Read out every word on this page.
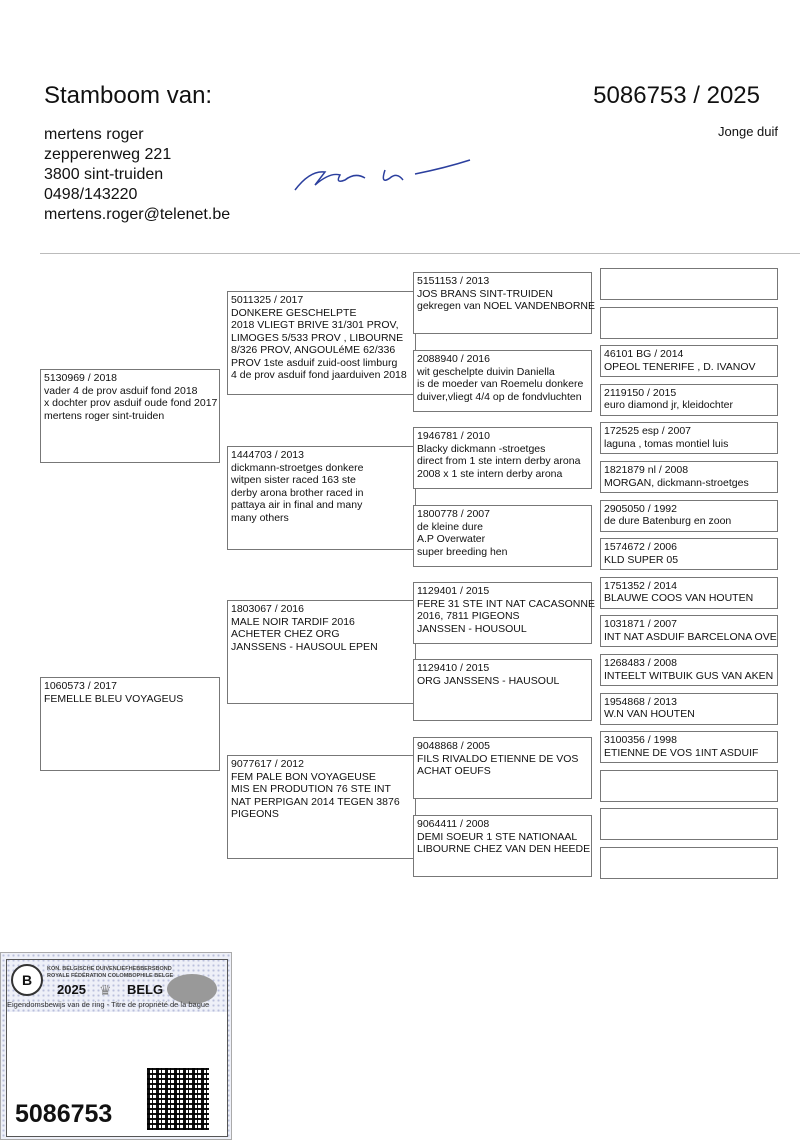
Stamboom van:	5086753 / 2025
Jonge duif
mertens roger
zepperenweg 221
3800 sint-truiden
0498/143220
mertens.roger@telenet.be
5130969 / 2018
vader 4 de prov asduif fond 2018
x dochter prov asduif oude fond 2017
mertens roger sint-truiden
1060573 / 2017
FEMELLE BLEU VOYAGEUS
5011325 / 2017
DONKERE GESCHELPTE
2018 VLIEGT BRIVE 31/301 PROV,
LIMOGES 5/533 PROV , LIBOURNE
8/326 PROV, ANGOULéME 62/336
PROV 1ste asduif zuid-oost limburg
4 de prov asduif fond jaarduiven 2018
1444703 / 2013
dickmann-stroetges donkere
witpen sister raced 163 ste
derby arona brother raced in
pattaya air in final and many
many others
1803067 / 2016
MALE NOIR TARDIF 2016
ACHETER CHEZ ORG
JANSSENS - HAUSOUL EPEN
9077617 / 2012
FEM PALE BON VOYAGEUSE
MIS EN PRODUTION 76 STE INT
NAT PERPIGAN 2014 TEGEN 3876
PIGEONS
5151153 / 2013
JOS BRANS SINT-TRUIDEN
gekregen van NOEL VANDENBORNE
2088940 / 2016
wit geschelpte duivin Daniella
is de moeder van Roemelu donkere
duiver,vliegt 4/4 op de fondvluchten
1946781 / 2010
Blacky dickmann -stroetges
direct from 1 ste intern derby arona
2008 x 1 ste intern derby arona
1800778 / 2007
de kleine dure
A.P Overwater
super breeding hen
1129401 / 2015
FERE 31 STE INT NAT CACASONNE
2016, 7811 PIGEONS
JANSSEN - HOUSOUL
1129410 / 2015
ORG JANSSENS - HAUSOUL
9048868 / 2005
FILS RIVALDO ETIENNE DE VOS
ACHAT OEUFS
9064411 / 2008
DEMI SOEUR 1 STE NATIONAAL
LIBOURNE CHEZ VAN DEN HEEDE
46101 BG / 2014
OPEOL TENERIFE , D. IVANOV
2119150 / 2015
euro diamond jr, kleidochter
172525 esp / 2007
laguna , tomas montiel luis
1821879 nl / 2008
MORGAN, dickmann-stroetges
2905050 / 1992
de dure Batenburg en zoon
1574672 / 2006
KLD SUPER 05
1751352 / 2014
BLAUWE COOS VAN HOUTEN
1031871 / 2007
INT NAT ASDUIF BARCELONA OVE
1268483 / 2008
INTEELT WITBUIK GUS VAN AKEN
1954868 / 2013
W.N VAN HOUTEN
3100356 / 1998
ETIENNE DE VOS 1INT ASDUIF
B
KON. BELGISCHE DUIVENLIEFHEBBERSBOND
ROYALE FÉDÉRATION COLOMBOPHILE BELGE
2025 ♛ BELG
Eigendomsbewijs van de ring - Titre de propriété de la bague
5086753
